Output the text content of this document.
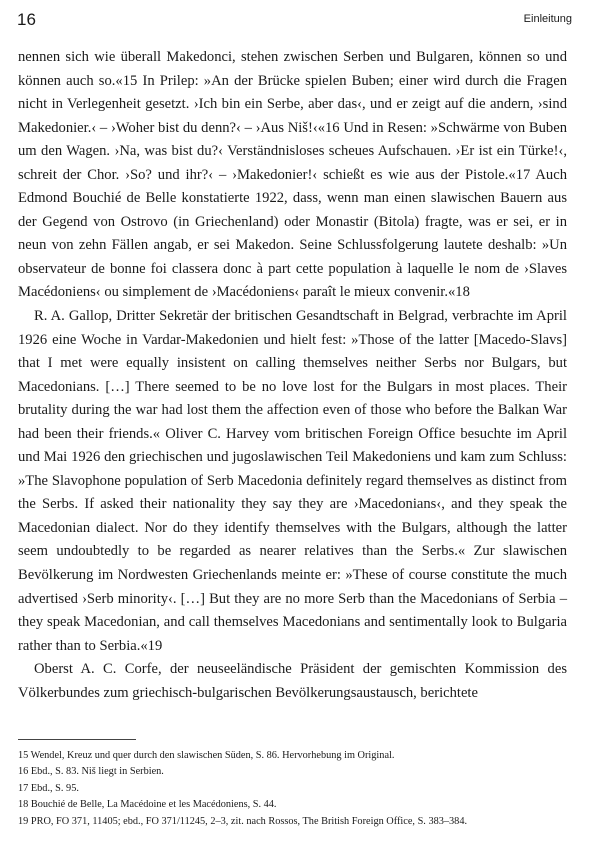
16	Einleitung

nennen sich wie überall Makedonci, stehen zwischen Serben und Bulgaren, können so und können auch so.«15 In Prilep: »An der Brücke spielen Buben; einer wird durch die Fragen nicht in Verlegenheit gesetzt. ›Ich bin ein Serbe, aber das‹, und er zeigt auf die andern, ›sind Makedonier.‹ – ›Woher bist du denn?‹ – ›Aus Niš!‹«16 Und in Resen: »Schwärme von Buben um den Wagen. ›Na, was bist du?‹ Verständnisloses scheues Aufschauen. ›Er ist ein Türke!‹, schreit der Chor. ›So? und ihr?‹ – ›Makedonier!‹ schießt es wie aus der Pistole.«17 Auch Edmond Bouchié de Belle konstatierte 1922, dass, wenn man einen slawischen Bauern aus der Gegend von Ostrovo (in Griechenland) oder Monastir (Bitola) fragte, was er sei, er in neun von zehn Fällen angab, er sei Makedon. Seine Schlussfolgerung lautete deshalb: »Un observateur de bonne foi classera donc à part cette population à laquelle le nom de ›Slaves Macédoniens‹ ou simplement de ›Macédoniens‹ paraît le mieux convenir.«18

R. A. Gallop, Dritter Sekretär der britischen Gesandtschaft in Belgrad, verbrachte im April 1926 eine Woche in Vardar-Makedonien und hielt fest: »Those of the latter [Macedo-Slavs] that I met were equally insistent on calling themselves neither Serbs nor Bulgars, but Macedonians. […] There seemed to be no love lost for the Bulgars in most places. Their brutality during the war had lost them the affection even of those who before the Balkan War had been their friends.« Oliver C. Harvey vom britischen Foreign Office besuchte im April und Mai 1926 den griechischen und jugoslawischen Teil Makedoniens und kam zum Schluss: »The Slavophone population of Serb Macedonia definitely regard themselves as distinct from the Serbs. If asked their nationality they say they are ›Macedonians‹, and they speak the Macedonian dialect. Nor do they identify themselves with the Bulgars, although the latter seem undoubtedly to be regarded as nearer relatives than the Serbs.« Zur slawischen Bevölkerung im Nordwesten Griechenlands meinte er: »These of course constitute the much advertised ›Serb minority‹. […] But they are no more Serb than the Macedonians of Serbia – they speak Macedonian, and call themselves Macedonians and sentimentally look to Bulgaria rather than to Serbia.«19

Oberst A. C. Corfe, der neuseeländische Präsident der gemischten Kommission des Völkerbundes zum griechisch-bulgarischen Bevölkerungsaustausch, berichtete

15 Wendel, Kreuz und quer durch den slawischen Süden, S. 86. Hervorhebung im Original.
16 Ebd., S. 83. Niš liegt in Serbien.
17 Ebd., S. 95.
18 Bouchié de Belle, La Macédoine et les Macédoniens, S. 44.
19 PRO, FO 371, 11405; ebd., FO 371/11245, 2–3, zit. nach Rossos, The British Foreign Office, S. 383–384.
